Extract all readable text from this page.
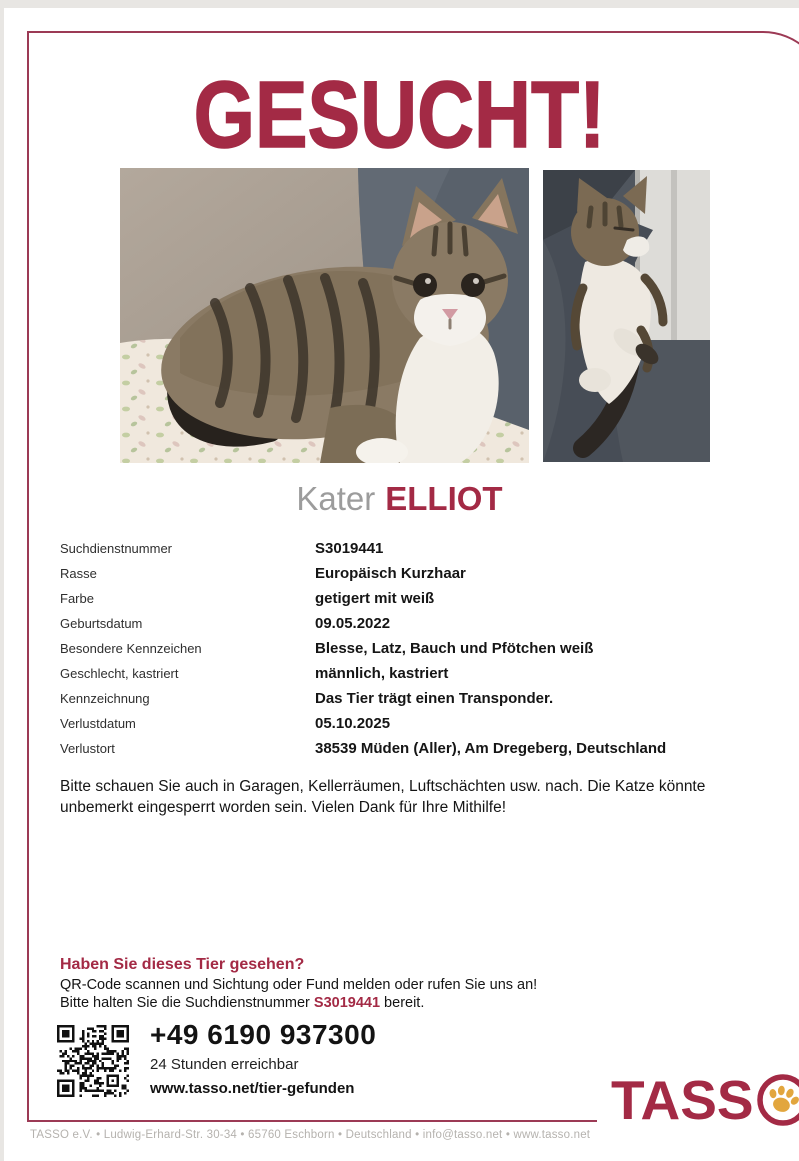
GESUCHT!
Kater ELLIOT
Suchdienstnummer	S3019441
Rasse	Europäisch Kurzhaar
Farbe	getigert mit weiß
Geburtsdatum	09.05.2022
Besondere Kennzeichen	Blesse, Latz, Bauch und Pfötchen weiß
Geschlecht, kastriert	männlich, kastriert
Kennzeichnung	Das Tier trägt einen Transponder.
Verlustdatum	05.10.2025
Verlustort	38539 Müden (Aller), Am Dregeberg, Deutschland
Bitte schauen Sie auch in Garagen, Kellerräumen, Luftschächten usw. nach. Die Katze könnte unbemerkt eingesperrt worden sein. Vielen Dank für Ihre Mithilfe!
Haben Sie dieses Tier gesehen?
QR-Code scannen und Sichtung oder Fund melden oder rufen Sie uns an!
Bitte halten Sie die Suchdienstnummer S3019441 bereit.
+49 6190 937300
24 Stunden erreichbar
www.tasso.net/tier-gefunden	TASS
TASSO e.V. • Ludwig-Erhard-Str. 30-34 • 65760 Eschborn • Deutschland • info@tasso.net • www.tasso.net
